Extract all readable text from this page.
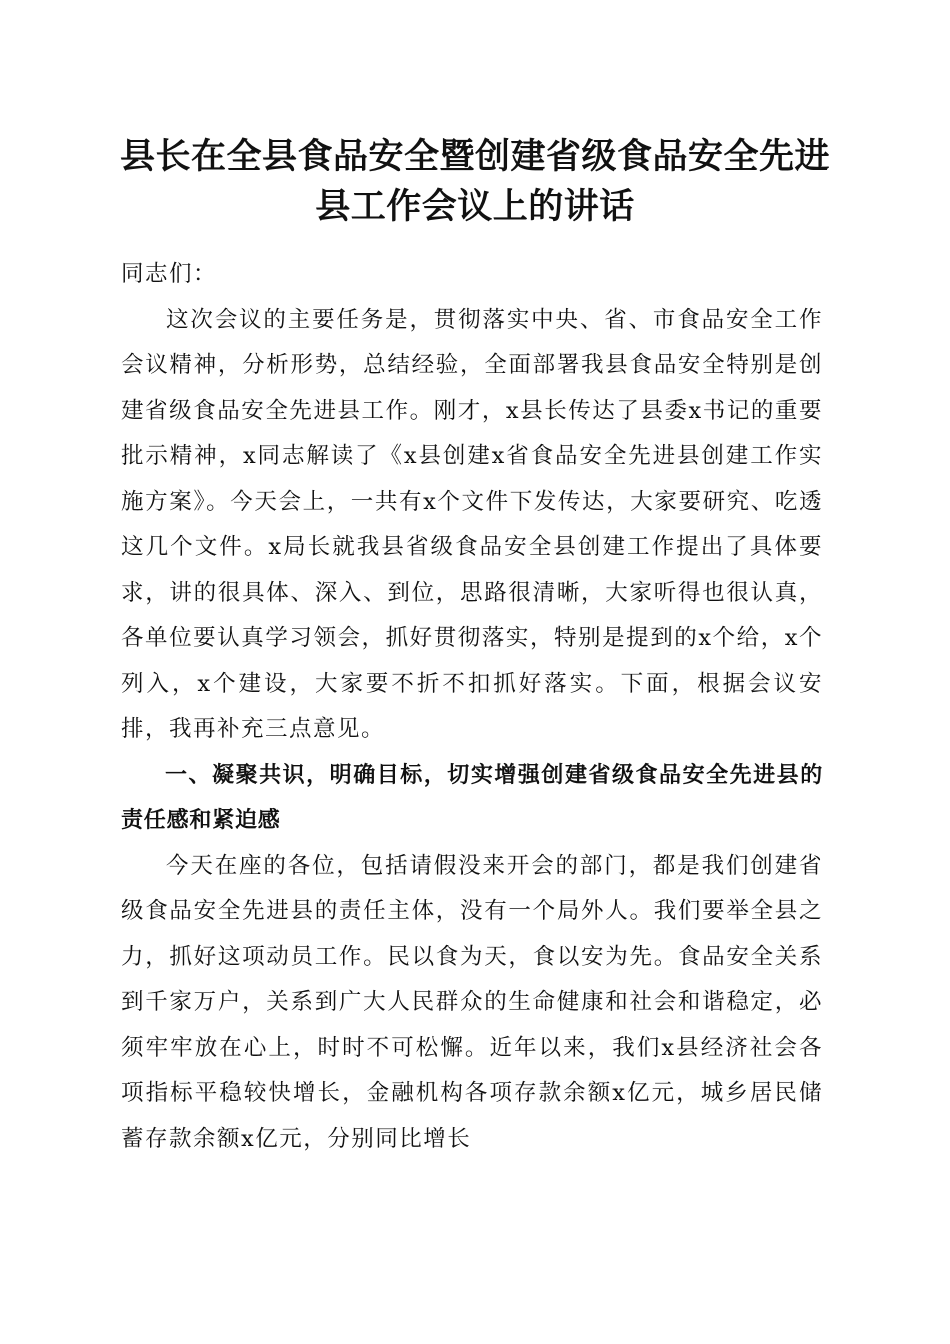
县长在全县食品安全暨创建省级食品安全先进
县工作会议上的讲话

同志们：

这次会议的主要任务是，贯彻落实中央、省、市食品安全工作会议精神，分析形势，总结经验，全面部署我县食品安全特别是创建省级食品安全先进县工作。刚才，x县长传达了县委x书记的重要批示精神，x同志解读了《x县创建x省食品安全先进县创建工作实施方案》。今天会上，一共有x个文件下发传达，大家要研究、吃透这几个文件。x局长就我县省级食品安全县创建工作提出了具体要求，讲的很具体、深入、到位，思路很清晰，大家听得也很认真，各单位要认真学习领会，抓好贯彻落实，特别是提到的x个给，x个列入，x个建设，大家要不折不扣抓好落实。下面，根据会议安排，我再补充三点意见。

一、凝聚共识，明确目标，切实增强创建省级食品安全先进县的责任感和紧迫感

今天在座的各位，包括请假没来开会的部门，都是我们创建省级食品安全先进县的责任主体，没有一个局外人。我们要举全县之力，抓好这项动员工作。民以食为天，食以安为先。食品安全关系到千家万户，关系到广大人民群众的生命健康和社会和谐稳定，必须牢牢放在心上，时时不可松懈。近年以来，我们x县经济社会各项指标平稳较快增长，金融机构各项存款余额x亿元，城乡居民储蓄存款余额x亿元，分别同比增长
